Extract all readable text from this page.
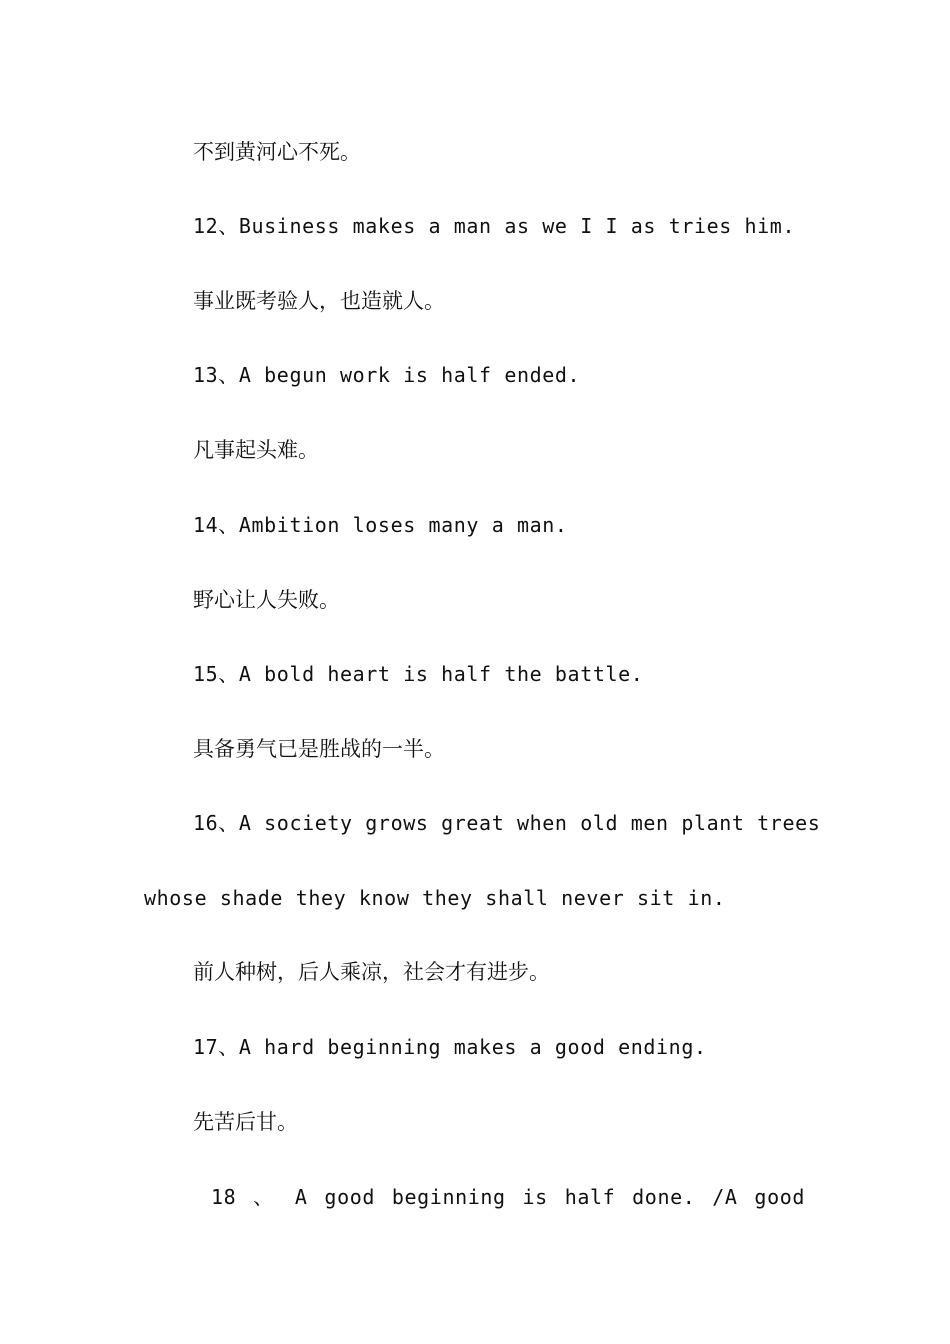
不到黄河心不死。
12、Business makes a man as we I I as tries him.
事业既考验人，也造就人。
13、A begun work is half ended.
凡事起头难。
14、Ambition loses many a man.
野心让人失败。
15、A bold heart is half the battle.
具备勇气已是胜战的一半。
16、A society grows great when old men plant trees
whose shade they know they shall never sit in.
前人种树，后人乘凉，社会才有进步。
17、A hard beginning makes a good ending.
先苦后甘。
18 、 A good beginning is half done. /A good
